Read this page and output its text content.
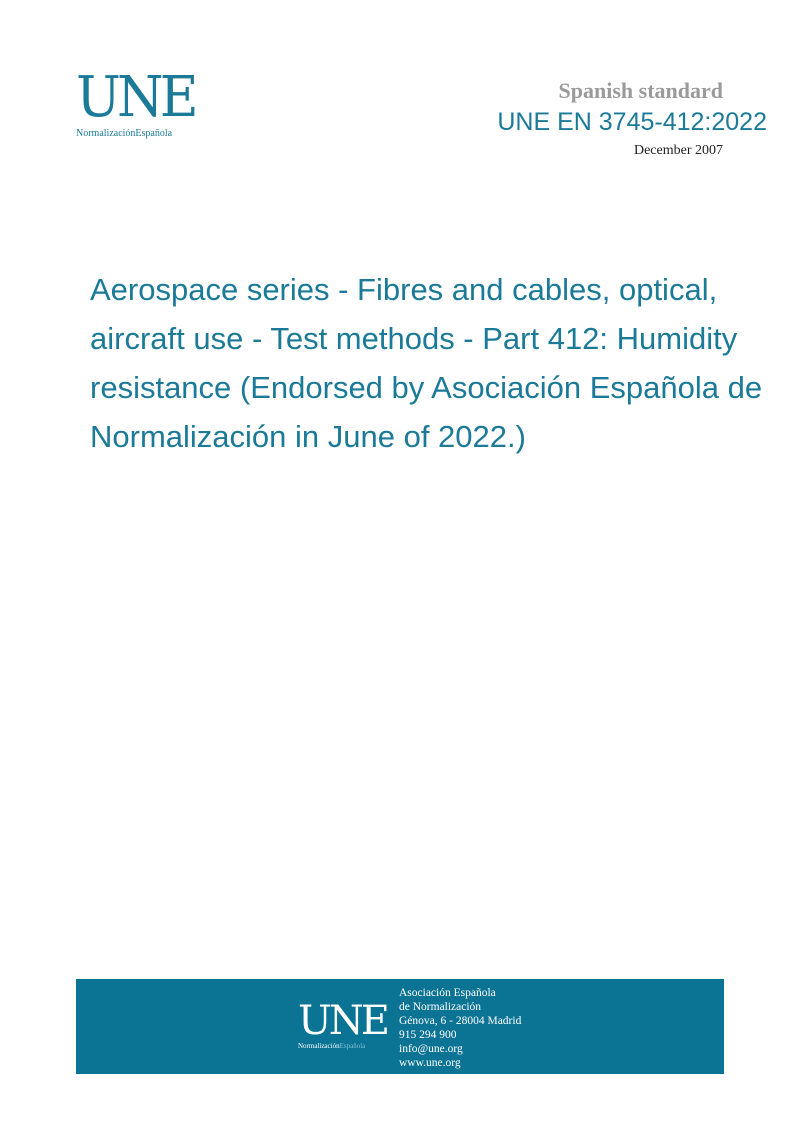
UNE
NormalizaciónEspañola
Spanish standard
UNE EN 3745-412:2022
December 2007
Aerospace series - Fibres and cables, optical, aircraft use - Test methods - Part 412: Humidity resistance (Endorsed by Asociación Española de Normalización in June of 2022.)
UNE
NormalizaciónEspañola
Asociación Española
de Normalización
Génova, 6 - 28004 Madrid
915 294 900
info@une.org
www.une.org
